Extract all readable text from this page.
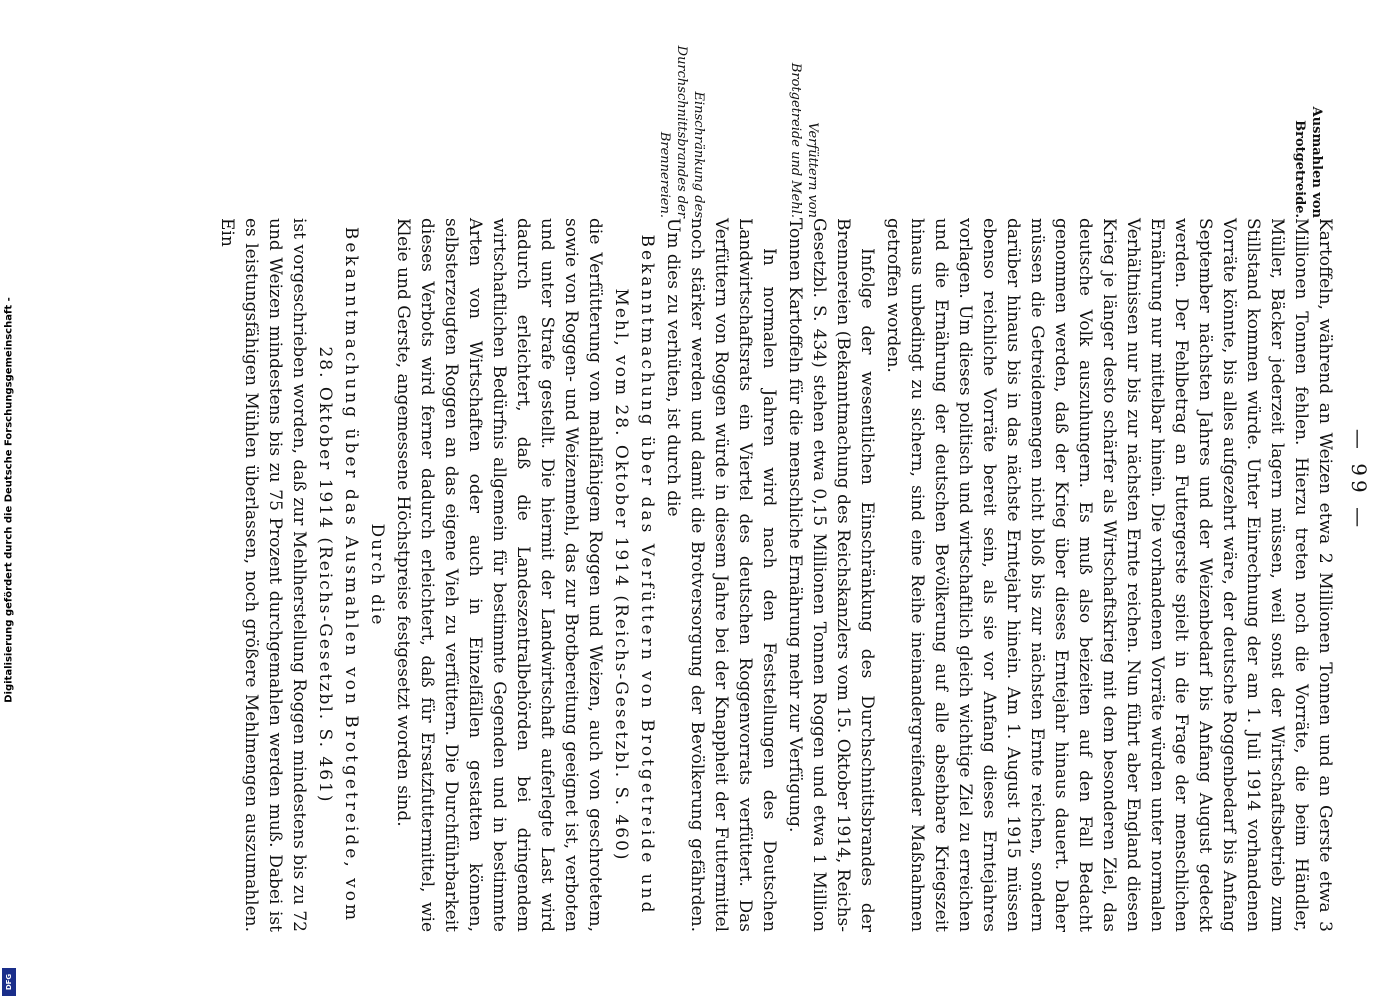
Digitalisierung gefördert durch die Deutsche Forschungsgemeinschaft -
DFG
— 99 —
Einschränkung des Durchschnittsbrandes der Brennereien.	Verfüttern von Brotgetreide und Mehl.	Ausmahlen von Brotgetreide.

Kartoffeln, während an Weizen etwa 2 Millionen Tonnen und an Gerste etwa 3 Millionen Tonnen fehlen. Hierzu treten noch die Vorräte, die beim Händler, Müller, Bäcker jederzeit lagern müssen, weil sonst der Wirtschaftsbetrieb zum Stillstand kommen würde. Unter Einrechnung der am 1. Juli 1914 vorhandenen Vorräte könnte, bis alles aufgezehrt wäre, der deutsche Roggenbedarf bis Anfang September nächsten Jahres und der Weizenbedarf bis Anfang August gedeckt werden. Der Fehlbetrag an Futtergerste spielt in die Frage der menschlichen Ernährung nur mittelbar hinein. Die vorhandenen Vorräte würden unter normalen Verhältnissen nur bis zur nächsten Ernte reichen. Nun führt aber England diesen Krieg je länger desto schärfer als Wirtschaftskrieg mit dem besonderen Ziel, das deutsche Volk auszuhungern. Es muß also beizeiten auf den Fall Bedacht genommen werden, daß der Krieg über dieses Erntejahr hinaus dauert. Daher müssen die Getreidemengen nicht bloß bis zur nächsten Ernte reichen, sondern darüber hinaus bis in das nächste Erntejahr hinein. Am 1. August 1915 müssen ebenso reichliche Vorräte bereit sein, als sie vor Anfang dieses Erntejahres vorlagen. Um dieses politisch und wirtschaftlich gleich wichtige Ziel zu erreichen und die Ernährung der deutschen Bevölkerung auf alle absehbare Kriegszeit hinaus unbedingt zu sichern, sind eine Reihe ineinandergreifender Maßnahmen getroffen worden.

Infolge der wesentlichen Einschränkung des Durchschnittsbrandes der Brennereien (Bekanntmachung des Reichskanzlers vom 15. Oktober 1914, Reichs-Gesetzbl. S. 434) stehen etwa 0,15 Millionen Tonnen Roggen und etwa 1 Million Tonnen Kartoffeln für die menschliche Ernährung mehr zur Verfügung.

In normalen Jahren wird nach den Feststellungen des Deutschen Landwirtschaftsrats ein Viertel des deutschen Roggenvorrats verfüttert. Das Verfüttern von Roggen würde in diesem Jahre bei der Knappheit der Futtermittel noch stärker werden und damit die Brotversorgung der Bevölkerung gefährden. Um dies zu verhüten, ist durch die

Bekanntmachung über das Verfüttern von Brotgetreide und

Mehl, vom 28. Oktober 1914 (Reichs-Gesetzbl. S. 460)

die Verfütterung von mahlfähigem Roggen und Weizen, auch von geschrotetem, sowie von Roggen- und Weizenmehl, das zur Brotbereitung geeignet ist, verboten und unter Strafe gestellt. Die hiermit der Landwirtschaft auferlegte Last wird dadurch erleichtert, daß die Landeszentralbehörden bei dringendem wirtschaftlichen Bedürfnis allgemein für bestimmte Gegenden und in bestimmte Arten von Wirtschaften oder auch in Einzelfällen gestatten können, selbsterzeugten Roggen an das eigene Vieh zu verfüttern. Die Durchführbarkeit dieses Verbots wird ferner dadurch erleichtert, daß für Ersatzfuttermittel, wie Kleie und Gerste, angemessene Höchstpreise festgesetzt worden sind.

Durch die

Bekanntmachung über das Ausmahlen von Brotgetreide, vom

28. Oktober 1914 (Reichs-Gesetzbl. S. 461)

ist vorgeschrieben worden, daß zur Mehlherstellung Roggen mindestens bis zu 72 und Weizen mindestens bis zu 75 Prozent durchgemahlen werden muß. Dabei ist es leistungsfähigen Mühlen überlassen, noch größere Mehlmengen auszumahlen. Ein
